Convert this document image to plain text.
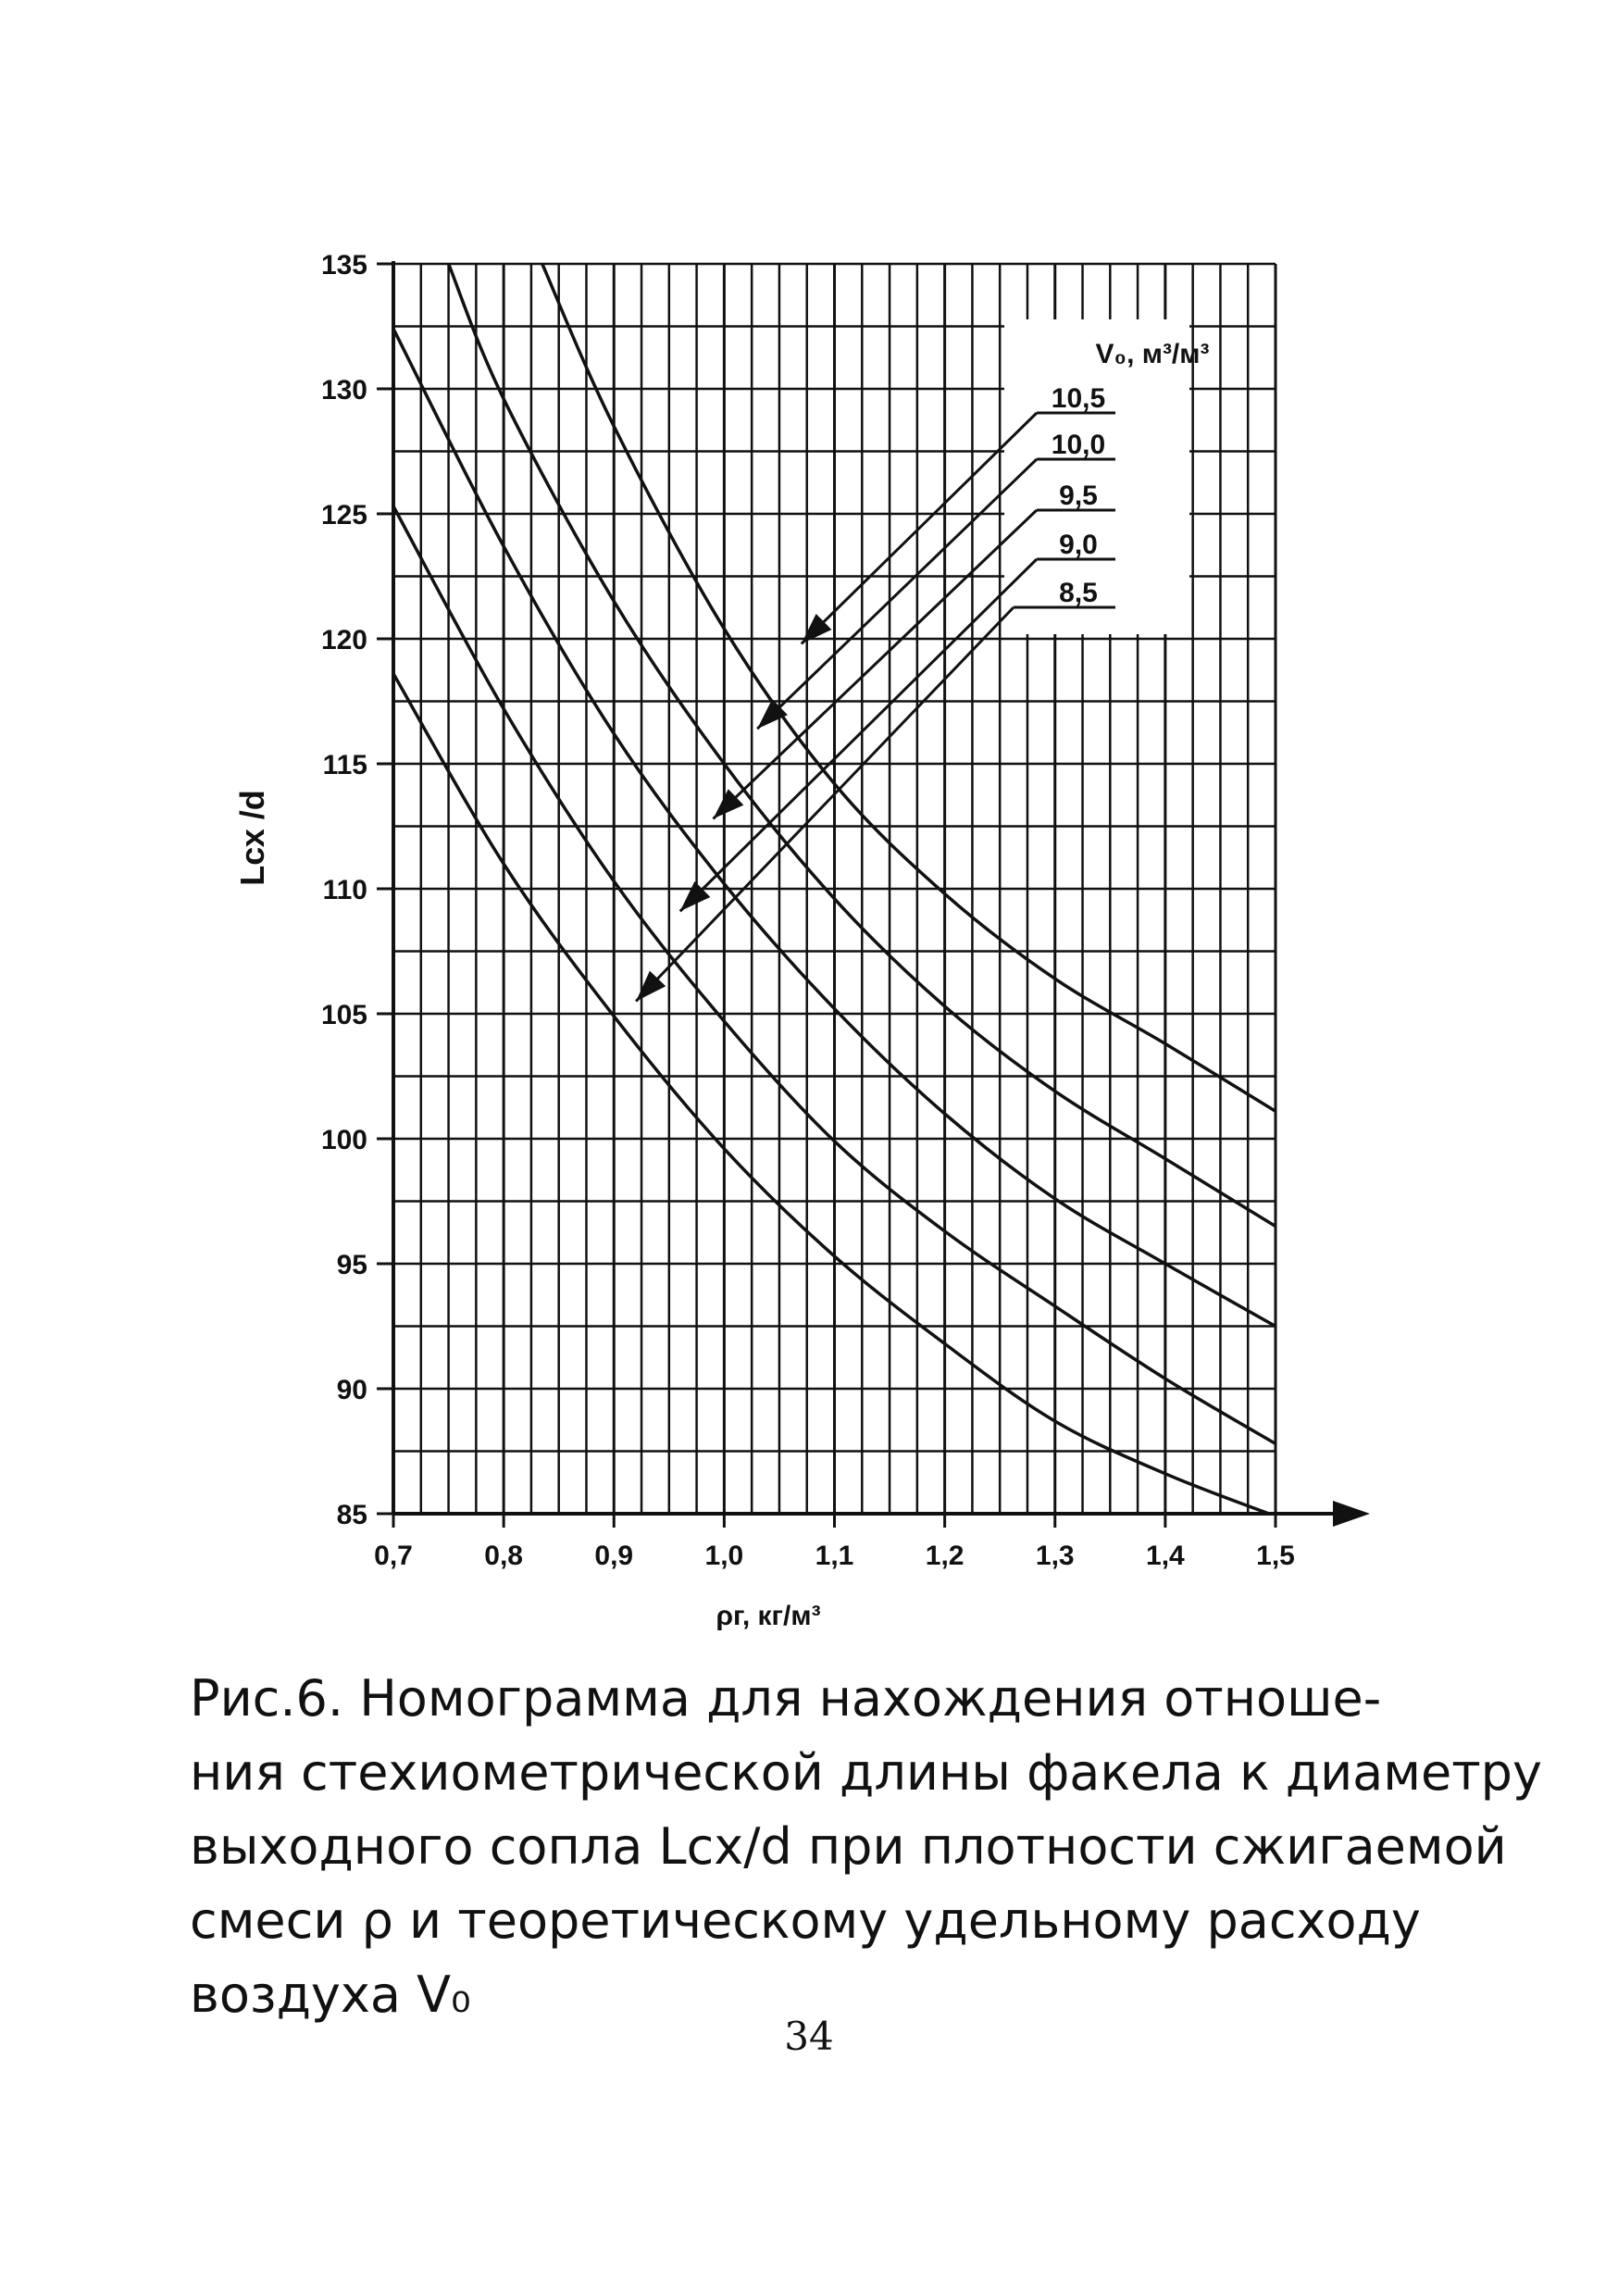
0,7	0,8	0,9	1,0	1,1	1,2	1,3	1,4	1,5
85
90
95
100
105
110
115
120
125
130
135
V₀, м³/м³
10,5
10,0
9,5
9,0
8,5
Lсх /d
ρг, кг/м³
Рис.6. Номограмма для нахождения отноше-
ния стехиометрической длины факела к диаметру
выходного сопла Lсх/d при плотности сжигаемой
смеси ρ и теоретическому удельному расходу
воздуха V₀
34
